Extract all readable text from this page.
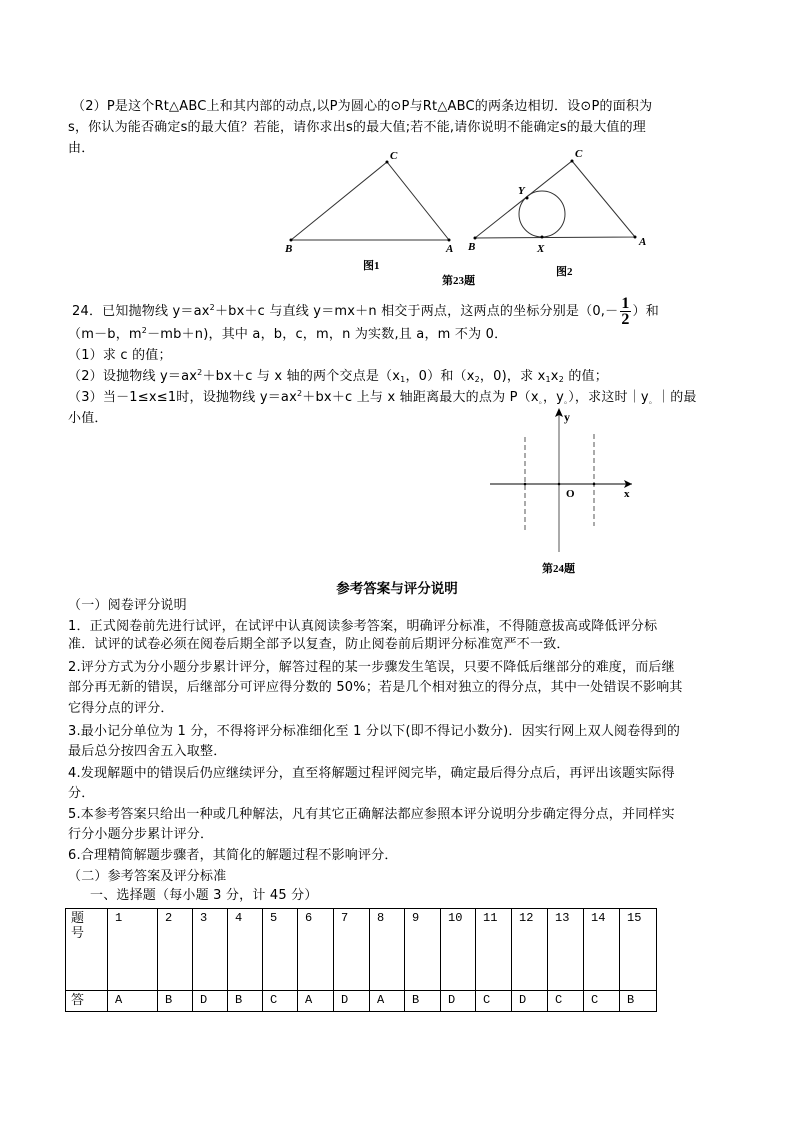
（2）P是这个Rt△ABC上和其内部的动点,以P为圆心的⊙P与Rt△ABC的两条边相切．设⊙P的面积为
s，你认为能否确定s的最大值？若能，请你求出s的最大值;若不能,请你说明不能确定s的最大值的理
由．	C
B	A
图1
C
Y
B	X
A
图2
第23题
24．已知抛物线 $y=ax^2+bx+c$ 与直线 y＝mx＋n 相交于两点，这两点的坐标分别是（$0,- \frac{1}{2}$ ）和
（m－b，$m^2-mb+n$)，其中 a，b，c，m，n 为实数,且 a，m 不为 0．
（1）求 c 的值；
（2）设抛物线 $y=ax^2+bx+c$ 与 x 轴的两个交点是（$x_1$，0）和（$x_2$，0)，求 $x_1x_2$ 的值；
（3）当－1≤x≤1时，设抛物线 $y=ax^2+bx+c$ 上与 x 轴距离最大的点为 $P(x_。$，$y_。$），求这时$|y_。|$的最
小值．	y
O	x
第24题
参考答案与评分说明
（一）阅卷评分说明
1．正式阅卷前先进行试评，在试评中认真阅读参考答案，明确评分标准，不得随意拔高或降低评分标
准．试评的试卷必须在阅卷后期全部予以复查，防止阅卷前后期评分标准宽严不一致．
2.评分方式为分小题分步累计评分，解答过程的某一步骤发生笔误，只要不降低后继部分的难度，而后继
部分再无新的错误，后继部分可评应得分数的 50%；若是几个相对独立的得分点，其中一处错误不影响其
它得分点的评分．
3.最小记分单位为 1 分，不得将评分标准细化至 1 分以下(即不得记小数分)．因实行网上双人阅卷得到的
最后总分按四舍五入取整．
4.发现解题中的错误后仍应继续评分，直至将解题过程评阅完毕，确定最后得分点后，再评出该题实际得
分．
5.本参考答案只给出一种或几种解法，凡有其它正确解法都应参照本评分说明分步确定得分点，并同样实
行分小题分步累计评分．
6.合理精简解题步骤者，其简化的解题过程不影响评分．
（二）参考答案及评分标准
一、选择题（每小题 3 分，计 45 分）
题号	1	2	3	4	5	6	7	8	9	10	11	12	13	14	15
答	A	B	D	B	C	A	D	A	B	D	C	D	C	C	B
